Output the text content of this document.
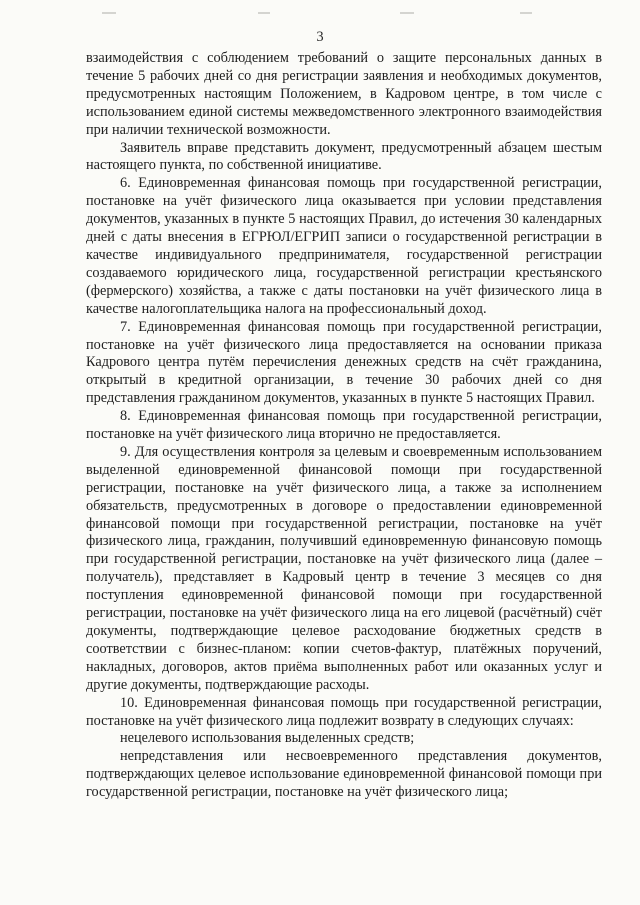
3

взаимодействия с соблюдением требований о защите персональных данных в течение 5 рабочих дней со дня регистрации заявления и необходимых документов, предусмотренных настоящим Положением, в Кадровом центре, в том числе с использованием единой системы межведомственного электронного взаимодействия при наличии технической возможности.

Заявитель вправе представить документ, предусмотренный абзацем шестым настоящего пункта, по собственной инициативе.

6. Единовременная финансовая помощь при государственной регистрации, постановке на учёт физического лица оказывается при условии представления документов, указанных в пункте 5 настоящих Правил, до истечения 30 календарных дней с даты внесения в ЕГРЮЛ/ЕГРИП записи о государственной регистрации в качестве индивидуального предпринимателя, государственной регистрации создаваемого юридического лица, государственной регистрации крестьянского (фермерского) хозяйства, а также с даты постановки на учёт физического лица в качестве налогоплательщика налога на профессиональный доход.

7. Единовременная финансовая помощь при государственной регистрации, постановке на учёт физического лица предоставляется на основании приказа Кадрового центра путём перечисления денежных средств на счёт гражданина, открытый в кредитной организации, в течение 30 рабочих дней со дня представления гражданином документов, указанных в пункте 5 настоящих Правил.

8. Единовременная финансовая помощь при государственной регистрации, постановке на учёт физического лица вторично не предоставляется.

9. Для осуществления контроля за целевым и своевременным использованием выделенной единовременной финансовой помощи при государственной регистрации, постановке на учёт физического лица, а также за исполнением обязательств, предусмотренных в договоре о предоставлении единовременной финансовой помощи при государственной регистрации, постановке на учёт физического лица, гражданин, получивший единовременную финансовую помощь при государственной регистрации, постановке на учёт физического лица (далее – получатель), представляет в Кадровый центр в течение 3 месяцев со дня поступления единовременной финансовой помощи при государственной регистрации, постановке на учёт физического лица на его лицевой (расчётный) счёт документы, подтверждающие целевое расходование бюджетных средств в соответствии с бизнес-планом: копии счетов-фактур, платёжных поручений, накладных, договоров, актов приёма выполненных работ или оказанных услуг и другие документы, подтверждающие расходы.

10. Единовременная финансовая помощь при государственной регистрации, постановке на учёт физического лица подлежит возврату в следующих случаях:

нецелевого использования выделенных средств;

непредставления или несвоевременного представления документов, подтверждающих целевое использование единовременной финансовой помощи при государственной регистрации, постановке на учёт физического лица;
